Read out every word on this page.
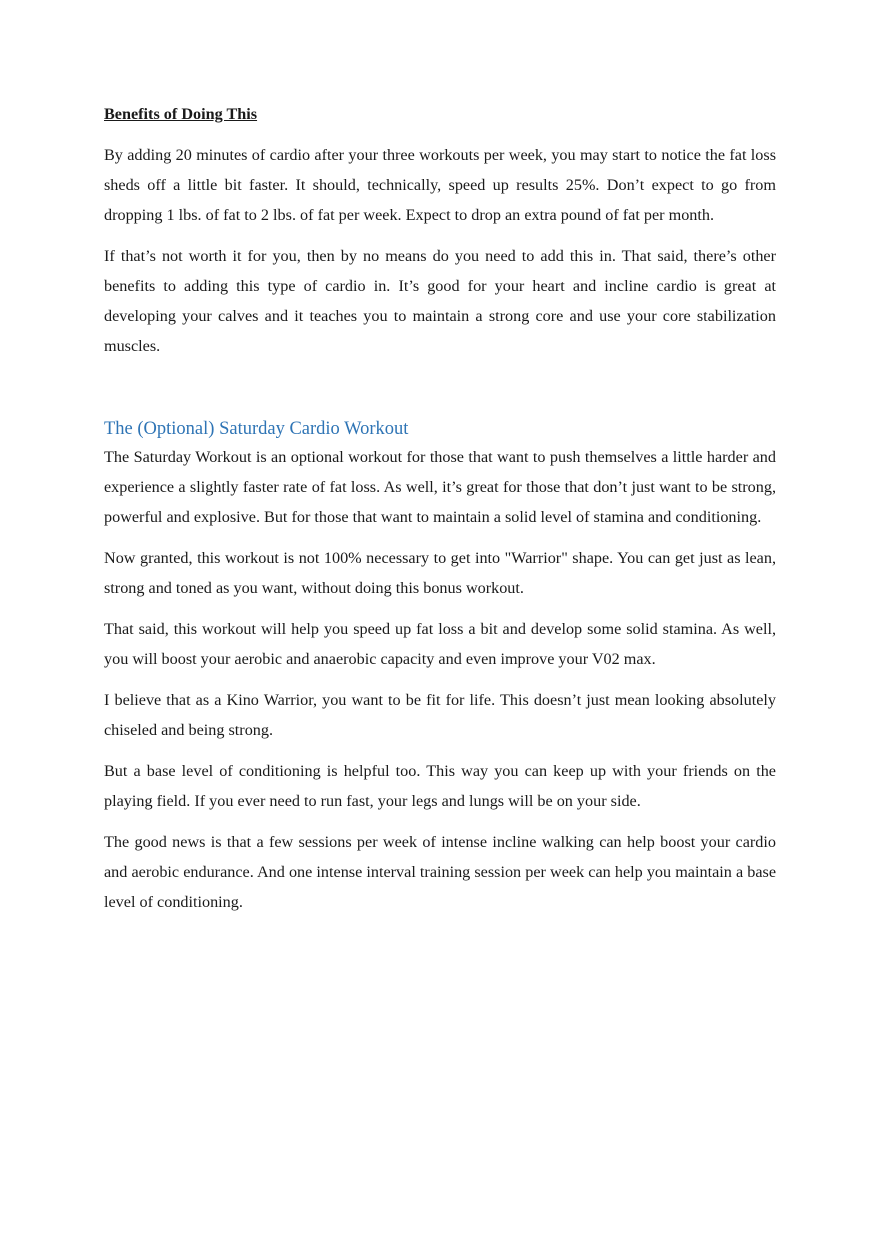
Benefits of Doing This

By adding 20 minutes of cardio after your three workouts per week, you may start to notice the fat loss sheds off a little bit faster. It should, technically, speed up results 25%. Don’t expect to go from dropping 1 lbs. of fat to 2 lbs. of fat per week. Expect to drop an extra pound of fat per month.

If that’s not worth it for you, then by no means do you need to add this in. That said, there’s other benefits to adding this type of cardio in. It’s good for your heart and incline cardio is great at developing your calves and it teaches you to maintain a strong core and use your core stabilization muscles.

The (Optional) Saturday Cardio Workout

The Saturday Workout is an optional workout for those that want to push themselves a little harder and experience a slightly faster rate of fat loss. As well, it’s great for those that don’t just want to be strong, powerful and explosive. But for those that want to maintain a solid level of stamina and conditioning.

Now granted, this workout is not 100% necessary to get into "Warrior" shape. You can get just as lean, strong and toned as you want, without doing this bonus workout.

That said, this workout will help you speed up fat loss a bit and develop some solid stamina. As well, you will boost your aerobic and anaerobic capacity and even improve your V02 max.

I believe that as a Kino Warrior, you want to be fit for life. This doesn’t just mean looking absolutely chiseled and being strong.

But a base level of conditioning is helpful too. This way you can keep up with your friends on the playing field. If you ever need to run fast, your legs and lungs will be on your side.

The good news is that a few sessions per week of intense incline walking can help boost your cardio and aerobic endurance. And one intense interval training session per week can help you maintain a base level of conditioning.
